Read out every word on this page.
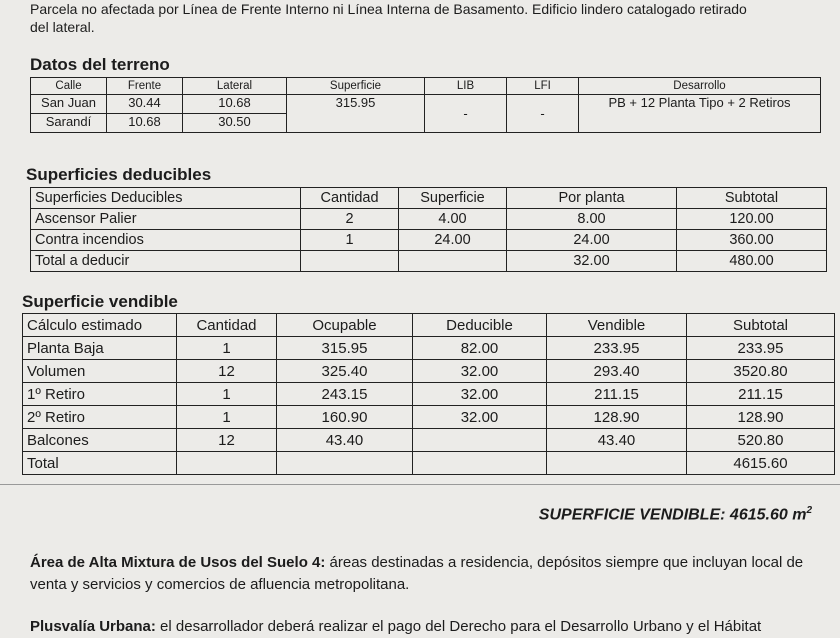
Parcela no afectada por Línea de Frente Interno ni Línea Interna de Basamento. Edificio lindero catalogado retirado
del lateral.
Datos del terreno
Calle	Frente	Lateral	Superficie	LIB	LFI	Desarrollo
San Juan	30.44	10.68	315.95	-	-	PB + 12 Planta Tipo + 2 Retiros
Sarandí	10.68	30.50				
Superficies deducibles
Superficies Deducibles	Cantidad	Superficie	Por planta	Subtotal
Ascensor Palier	2	4.00	8.00	120.00
Contra incendios	1	24.00	24.00	360.00
Total a deducir			32.00	480.00
Superficie vendible
Cálculo estimado	Cantidad	Ocupable	Deducible	Vendible	Subtotal
Planta Baja	1	315.95	82.00	233.95	233.95
Volumen	12	325.40	32.00	293.40	3520.80
1º Retiro	1	243.15	32.00	211.15	211.15
2º Retiro	1	160.90	32.00	128.90	128.90
Balcones	12	43.40		43.40	520.80
Total					4615.60
SUPERFICIE VENDIBLE: 4615.60 $m^2$
Área de Alta Mixtura de Usos del Suelo 4: áreas destinadas a residencia, depósitos siempre que incluyan local de
venta y servicios y comercios de afluencia metropolitana.
Plusvalía Urbana: el desarrollador deberá realizar el pago del Derecho para el Desarrollo Urbano y el Hábitat
